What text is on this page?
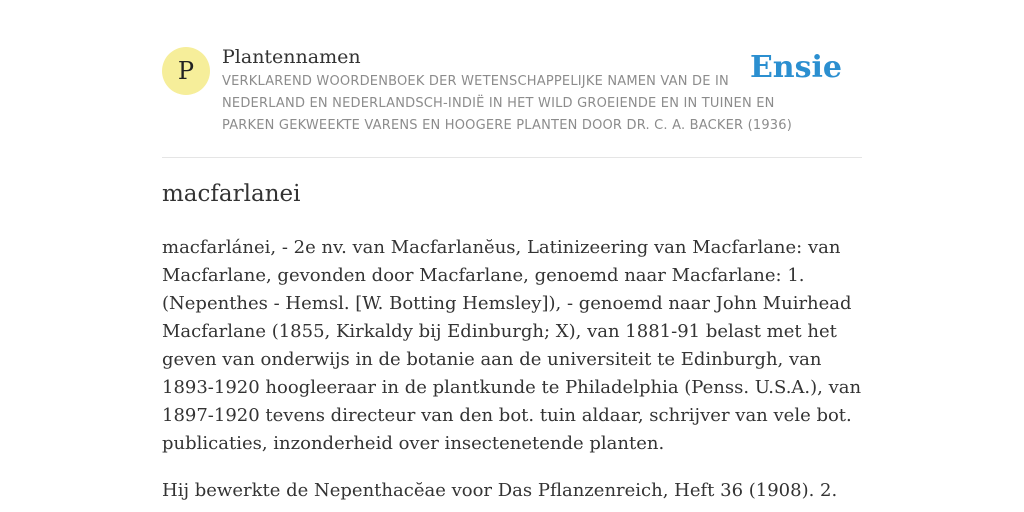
P	Plantennamen
VERKLAREND WOORDENBOEK DER WETENSCHAPPELIJKE NAMEN VAN DE IN NEDERLAND EN NEDERLANDSCH-INDIË IN HET WILD GROEIENDE EN IN TUINEN EN PARKEN GEKWEEKTE VARENS EN HOOGERE PLANTEN DOOR DR. C. A. BACKER (1936)
Ensie
macfarlanei

macfarlánei, - 2e nv. van Macfarlanĕus, Latinizeering van Macfarlane: van Macfarlane, gevonden door Macfarlane, genoemd naar Macfarlane: 1. (Nepenthes - Hemsl. [W. Botting Hemsley]), - genoemd naar John Muirhead Macfarlane (1855, Kirkaldy bij Edinburgh; X), van 1881-91 belast met het geven van onderwijs in de botanie aan de universiteit te Edinburgh, van 1893-1920 hoogleeraar in de plantkunde te Philadelphia (Penss. U.S.A.), van 1897-1920 tevens directeur van den bot. tuin aldaar, schrijver van vele bot. publicaties, inzonderheid over insectenetende planten.

Hij bewerkte de Nepenthacĕae voor Das Pflanzenreich, Heft 36 (1908). 2.
